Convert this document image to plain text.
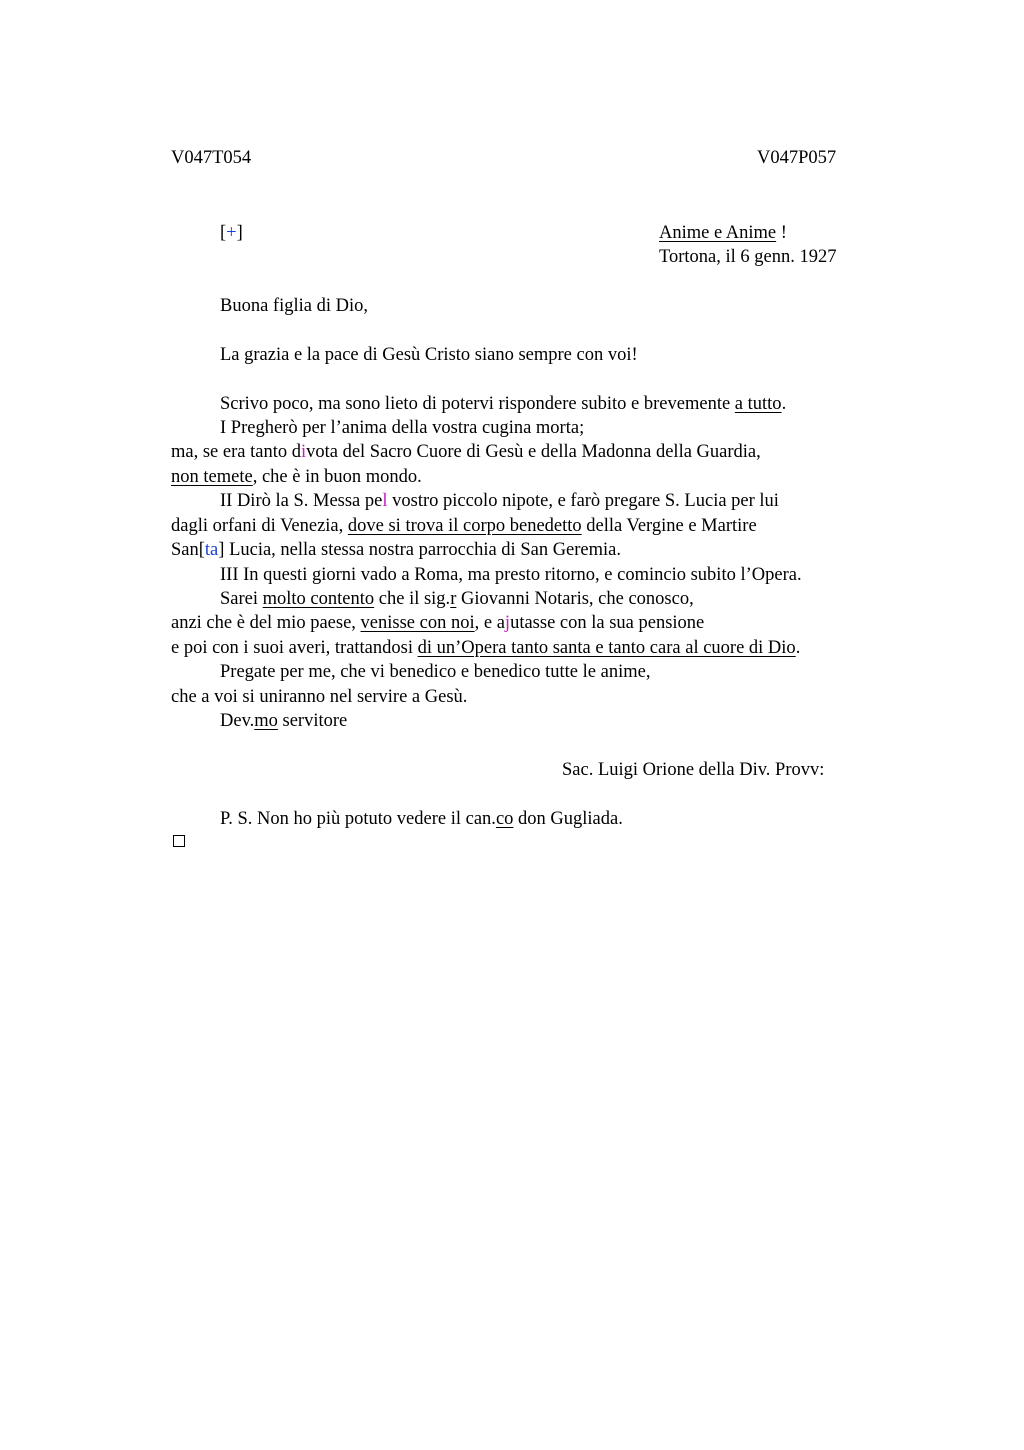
V047T054	V047P057
[+]	Anime e Anime !
Tortona, il 6 genn. 1927
Buona figlia di Dio,
La grazia e la pace di Gesù Cristo siano sempre con voi!
Scrivo poco, ma sono lieto di potervi rispondere subito e brevemente a tutto.
I Pregherò per l’anima della vostra cugina morta;
ma, se era tanto divota del Sacro Cuore di Gesù e della Madonna della Guardia,
non temete, che è in buon mondo.
II Dirò la S. Messa pel vostro piccolo nipote, e farò pregare S. Lucia per lui
dagli orfani di Venezia, dove si trova il corpo benedetto della Vergine e Martire
San[ta] Lucia, nella stessa nostra parrocchia di San Geremia.
III In questi giorni vado a Roma, ma presto ritorno, e comincio subito l’Opera.
Sarei molto contento che il sig.r Giovanni Notaris, che conosco,
anzi che è del mio paese, venisse con noi, e ajutasse con la sua pensione
e poi con i suoi averi, trattandosi di un’Opera tanto santa e tanto cara al cuore di Dio.
Pregate per me, che vi benedico e benedico tutte le anime,
che a voi si uniranno nel servire a Gesù.
Dev.mo servitore
Sac. Luigi Orione della Div. Provv:
P. S. Non ho più potuto vedere il can.co don Gugliada.
